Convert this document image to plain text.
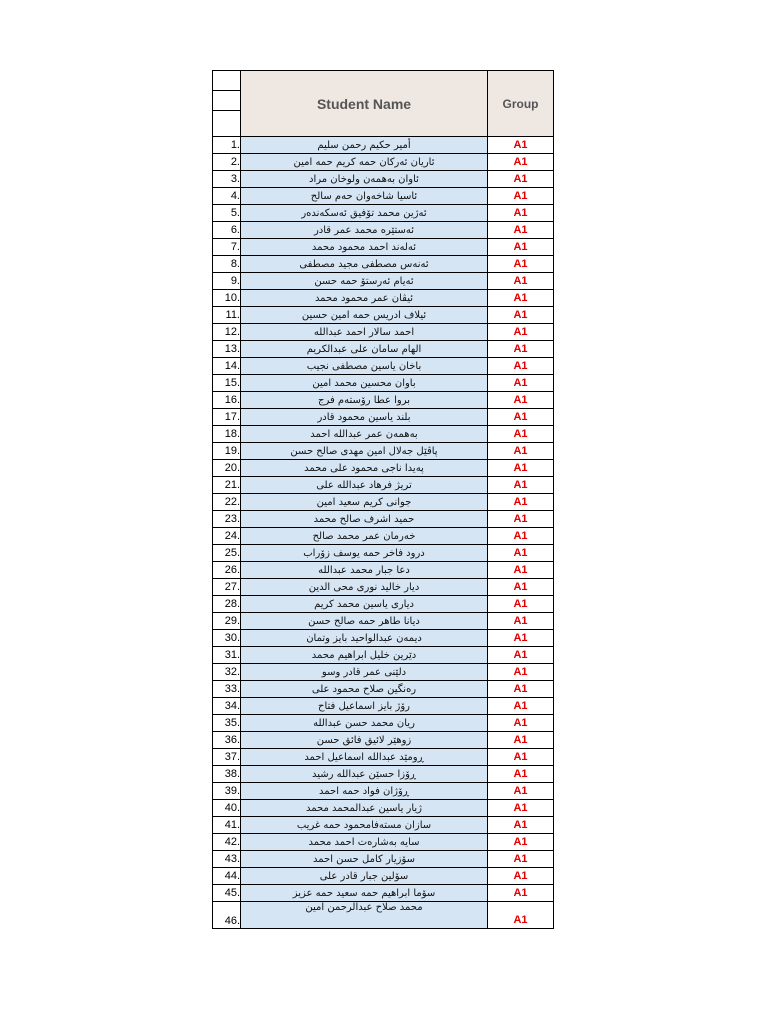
	Student Name	Group

1.	أمیر حکیم رحمن سلیم	A1
2.	ئاریان ئەرکان حمە کریم حمە امین	A1
3.	ئاوان بەهمەن ولوخان مراد	A1
4.	ئاسیا شاخەوان حەم سالح	A1
5.	ئەژین محمد تۆفیق ئەسکەندەر	A1
6.	ئەستێرە محمد عمر قادر	A1
7.	ئەلەند احمد محمود محمد	A1
8.	ئەنەس مصطفی مجید مصطفی	A1
9.	ئەیام ئەرستۆ حمە حسن	A1
10.	ئیڤان عمر محمود محمد	A1
11.	ئیلاف ادریس حمە امین حسین	A1
12.	احمد سالار احمد عبدالله	A1
13.	الهام سامان علی عبدالکریم	A1
14.	باخان یاسین مصطفی نجیب	A1
15.	باوان محسین محمد امین	A1
16.	بروا عطا رۆستەم فرج	A1
17.	بلند یاسین محمود قادر	A1
18.	بەهمەن عمر عبدالله احمد	A1
19.	پاڤێل جەلال امین مهدی صالح حسن	A1
20.	پەیدا ناجی محمود علی محمد	A1
21.	تریژ فرهاد عبدالله علی	A1
22.	جوانی کریم سعید امین	A1
23.	حمید اشرف صالح محمد	A1
24.	خەرمان عمر محمد صالح	A1
25.	درود فاخر حمە یوسف زۆراب	A1
26.	دعا جبار محمد عبدالله	A1
27.	دیار خالید نوری محی الدین	A1
28.	دیاری یاسین محمد کریم	A1
29.	دیانا طاهر حمە صالح حسن	A1
30.	دیمەن عبدالواحید بایز وتمان	A1
31.	دێرین خلیل ابراهیم محمد	A1
32.	دلێنی عمر قادر وسو	A1
33.	رەنگین صلاح محمود علی	A1
34.	رۆژ بایز اسماعیل فتاح	A1
35.	ریان محمد حسن عبدالله	A1
36.	زوهێر لائیق فائق حسن	A1
37.	ڕومێد عبدالله اسماعیل احمد	A1
38.	ڕۆزا حسێن عبدالله رشید	A1
39.	ڕۆژان فواد حمە احمد	A1
40.	ژیار یاسین عبدالمحمد محمد	A1
41.	سازان مستەفامحمود حمە غریب	A1
42.	سایە بەشارەت احمد محمد	A1
43.	سۆزیار کامل حسن احمد	A1
44.	سۆلین جبار قادر علی	A1
45.	سۆما ابراهیم حمە سعید حمە عزیز	A1
46.	محمد صلاح عبدالرحمن امین	A1
